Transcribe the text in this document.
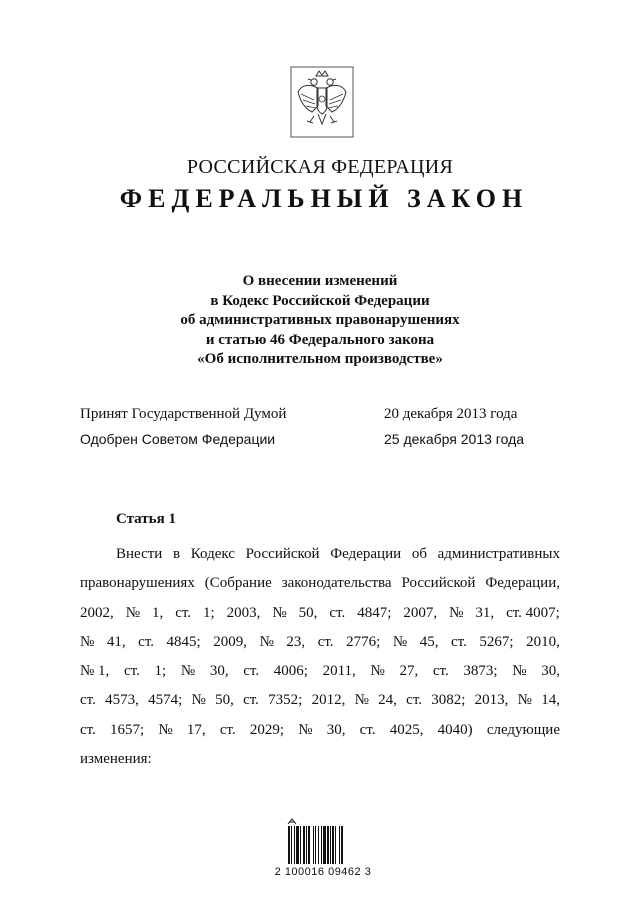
РОССИЙСКАЯ ФЕДЕРАЦИЯ
ФЕДЕРАЛЬНЫЙ ЗАКОН
О внесении изменений
в Кодекс Российской Федерации
об административных правонарушениях
и статью 46 Федерального закона
«Об исполнительном производстве»
Принят Государственной Думой	20 декабря 2013 года
Одобрен Советом Федерации	25 декабря 2013 года
Статья 1
Внести в Кодекс Российской Федерации об административных
правонарушениях (Собрание законодательства Российской Федерации,
2002, № 1, ст. 1; 2003, № 50, ст. 4847; 2007, № 31, ст. 4007;
№ 41, ст. 4845; 2009, № 23, ст. 2776; № 45, ст. 5267; 2010,
№ 1, ст. 1; № 30, ст. 4006; 2011, № 27, ст. 3873; № 30,
ст. 4573, 4574; № 50, ст. 7352; 2012, № 24, ст. 3082; 2013, № 14,
ст. 1657; № 17, ст. 2029; № 30, ст. 4025, 4040) следующие
изменения:
2 100016 09462 3
